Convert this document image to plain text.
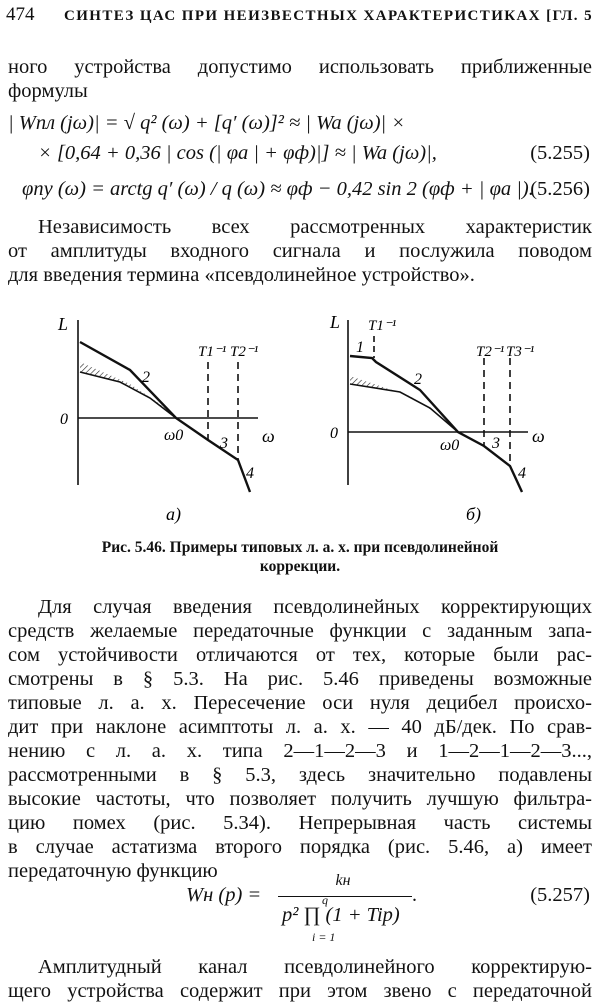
474 СИНТЕЗ ЦАС ПРИ НЕИЗВЕСТНЫХ ХАРАКТЕРИСТИКАХ [ГЛ. 5
ного устройства допустимо использовать приближенные
формулы
| Wпл (jω)| = √ q² (ω) + [q′ (ω)]² ≈ | Wa (jω)| ×
× [0,64 + 0,36 | cos (| φa | + φф)|] ≈ | Wa (jω)|,	(5.255)
φпу (ω) = arctg q′ (ω) / q (ω) ≈ φф − 0,42 sin 2 (φф + | φa |).
(5.256)
Независимость всех рассмотренных характеристик
от амплитуды входного сигнала и послужила поводом
для введения термина «псевдолинейное устройство».
L
0
ω
T1⁻¹ T2⁻¹
2
ω0 3
4
а)
L
0	ω
T1⁻¹
T2⁻¹ T3⁻¹
1
2
ω0 3
4
б)
Рис. 5.46. Примеры типовых л. а. х. при псевдолинейной
коррекции.
Для случая введения псевдолинейных корректирующих
средств желаемые передаточные функции с заданным запа-
сом устойчивости отличаются от тех, которые были рас-
смотрены в § 5.3. На рис. 5.46 приведены возможные
типовые л. а. х. Пересечение оси нуля децибел происхо-
дит при наклоне асимптоты л. а. х. — 40 дБ/дек. По срав-
нению с л. а. х. типа 2—1—2—3 и 1—2—1—2—3...,
рассмотренными в § 5.3, здесь значительно подавлены
высокие частоты, что позволяет получить лучшую фильтра-
цию помех (рис. 5.34). Непрерывная часть системы
в случае астатизма второго порядка (рис. 5.46, а) имеет
передаточную функцию
Wн (p) =
kн
q
p² ∏ (1 + Tip)
i = 1
.	(5.257)
Амплитудный канал псевдолинейного корректирую-
щего устройства содержит при этом звено с передаточной
